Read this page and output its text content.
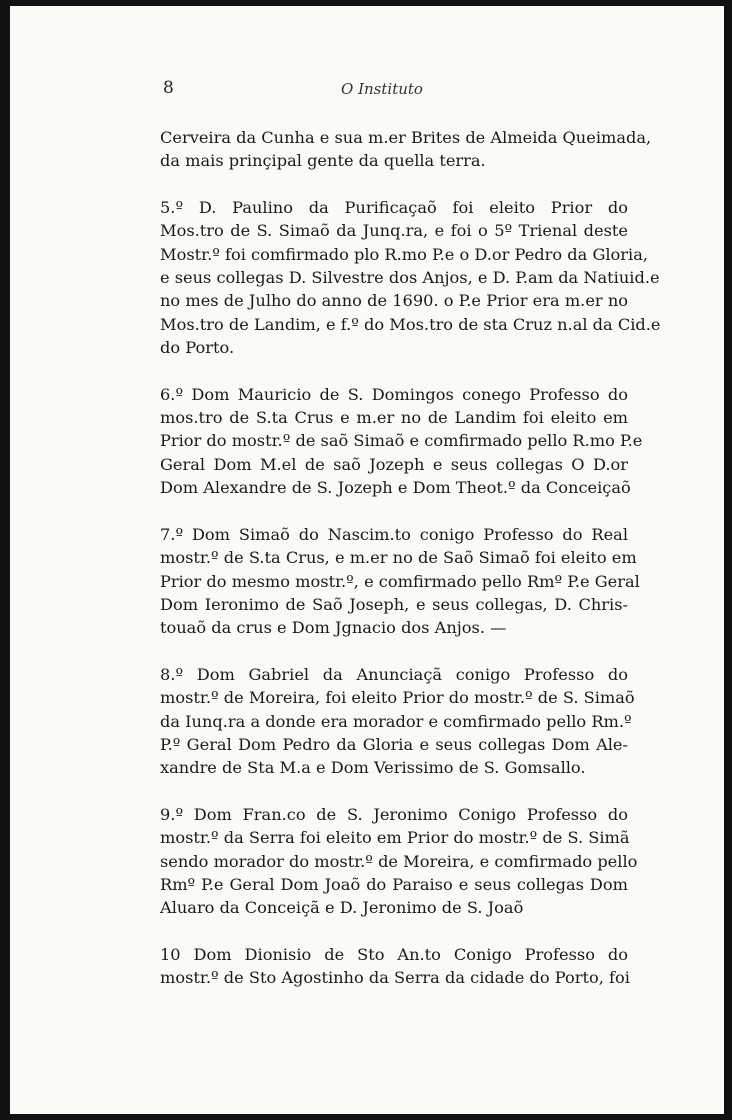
8	O Instituto

Cerveira da Cunha e sua m.er Brites de Almeida Queimada,
da mais prinçipal gente da quella terra.

5.º D. Paulino da Purificaçaõ foi eleito Prior do
Mos.tro de S. Simaõ da Junq.ra, e foi o 5º Trienal deste
Mostr.º foi comfirmado plo R.mo P.e o D.or Pedro da Gloria,
e seus collegas D. Silvestre dos Anjos, e D. P.am da Natiuid.e
no mes de Julho do anno de 1690. o P.e Prior era m.er no
Mos.tro de Landim, e f.º do Mos.tro de sta Cruz n.al da Cid.e
do Porto.

6.º Dom Mauricio de S. Domingos conego Professo do
mos.tro de S.ta Crus e m.er no de Landim foi eleito em
Prior do mostr.º de saõ Simaõ e comfirmado pello R.mo P.e
Geral Dom M.el de saõ Jozeph e seus collegas O D.or
Dom Alexandre de S. Jozeph e Dom Theot.º da Conceiçaõ

7.º Dom Simaõ do Nascim.to conigo Professo do Real
mostr.º de S.ta Crus, e m.er no de Saõ Simaõ foi eleito em
Prior do mesmo mostr.º, e comfirmado pello Rmº P.e Geral
Dom Ieronimo de Saõ Joseph, e seus collegas, D. Chris-
touaõ da crus e Dom Jgnacio dos Anjos. —

8.º Dom Gabriel da Anunciaçã conigo Professo do
mostr.º de Moreira, foi eleito Prior do mostr.º de S. Simaõ
da Iunq.ra a donde era morador e comfirmado pello Rm.º
P.º Geral Dom Pedro da Gloria e seus collegas Dom Ale-
xandre de Sta M.a e Dom Verissimo de S. Gomsallo.

9.º Dom Fran.co de S. Jeronimo Conigo Professo do
mostr.º da Serra foi eleito em Prior do mostr.º de S. Simã
sendo morador do mostr.º de Moreira, e comfirmado pello
Rmº P.e Geral Dom Joaõ do Paraiso e seus collegas Dom
Aluaro da Conceiçã e D. Jeronimo de S. Joaõ

10 Dom Dionisio de Sto An.to Conigo Professo do
mostr.º de Sto Agostinho da Serra da cidade do Porto, foi
